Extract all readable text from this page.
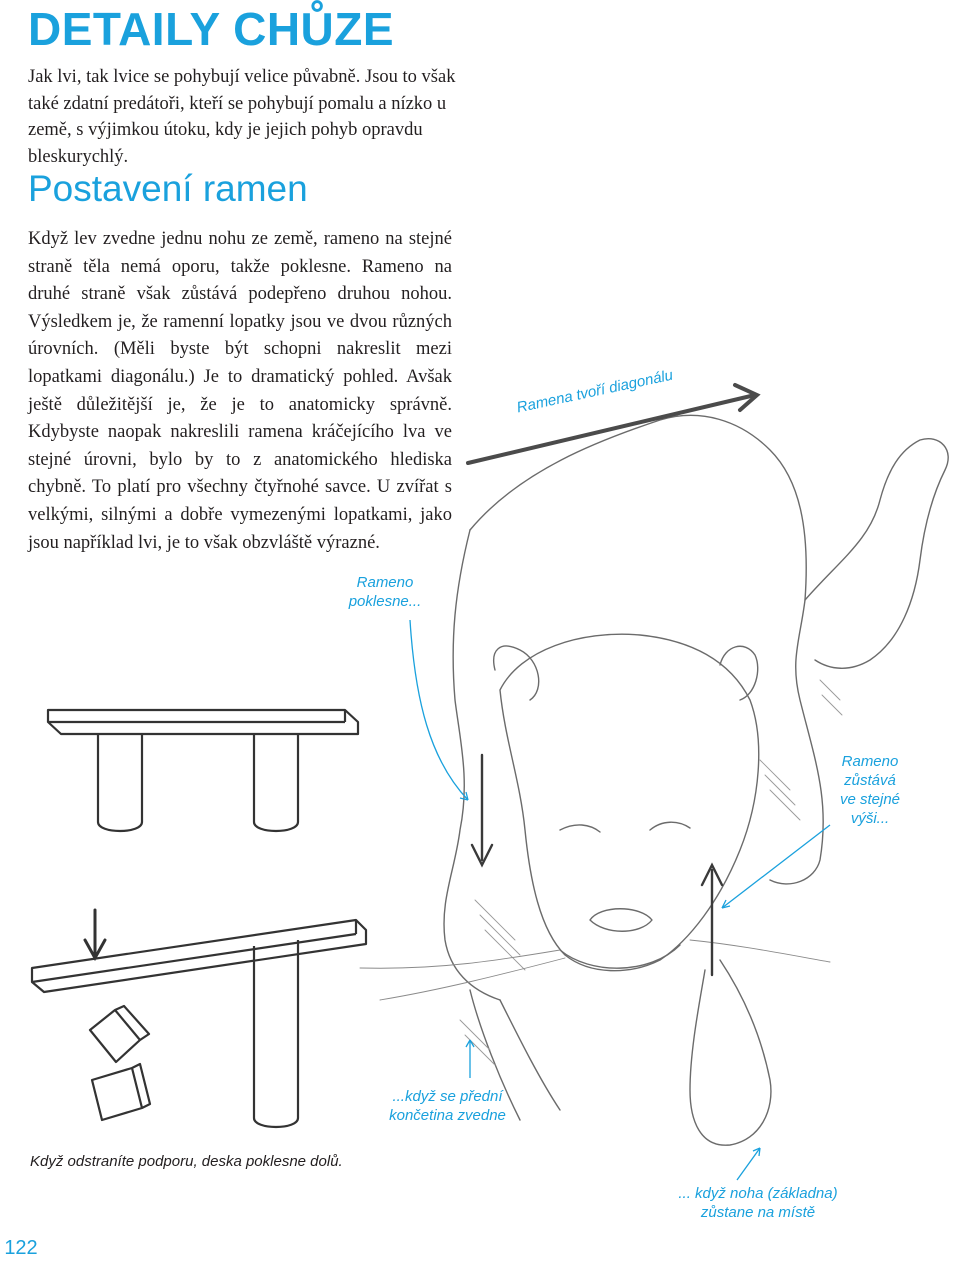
DETAILY CHŮZE
Jak lvi, tak lvice se pohybují velice půvabně. Jsou to však také zdatní predátoři, kteří se pohybují pomalu a nízko u země, s výjimkou útoku, kdy je jejich pohyb opravdu bleskurychlý.
Postavení ramen
Když lev zvedne jednu nohu ze země, rameno na stejné straně těla nemá oporu, takže poklesne. Rameno na druhé straně však zůstává podepřeno druhou nohou. Výsledkem je, že ramenní lopatky jsou ve dvou různých úrovních. (Měli byste být schopni nakreslit mezi lopatkami diagonálu.) Je to dramatický pohled. Avšak ještě důležitější je, že je to anatomicky správně. Kdybyste naopak nakreslili ramena kráčejícího lva ve stejné úrovni, bylo by to z anatomického hlediska chybně. To platí pro všechny čtyřnohé savce. U zvířat s velkými, silnými a dobře vymezenými lopatkami, jako jsou například lvi, je to však obzvláště výrazné.
Ramena tvoří diagonálu
Rameno
poklesne...
Rameno
zůstává
ve stejné
výši...
...když se přední
končetina zvedne
... když noha (základna)
zůstane na místě
Když odstraníte podporu, deska poklesne dolů.
122
